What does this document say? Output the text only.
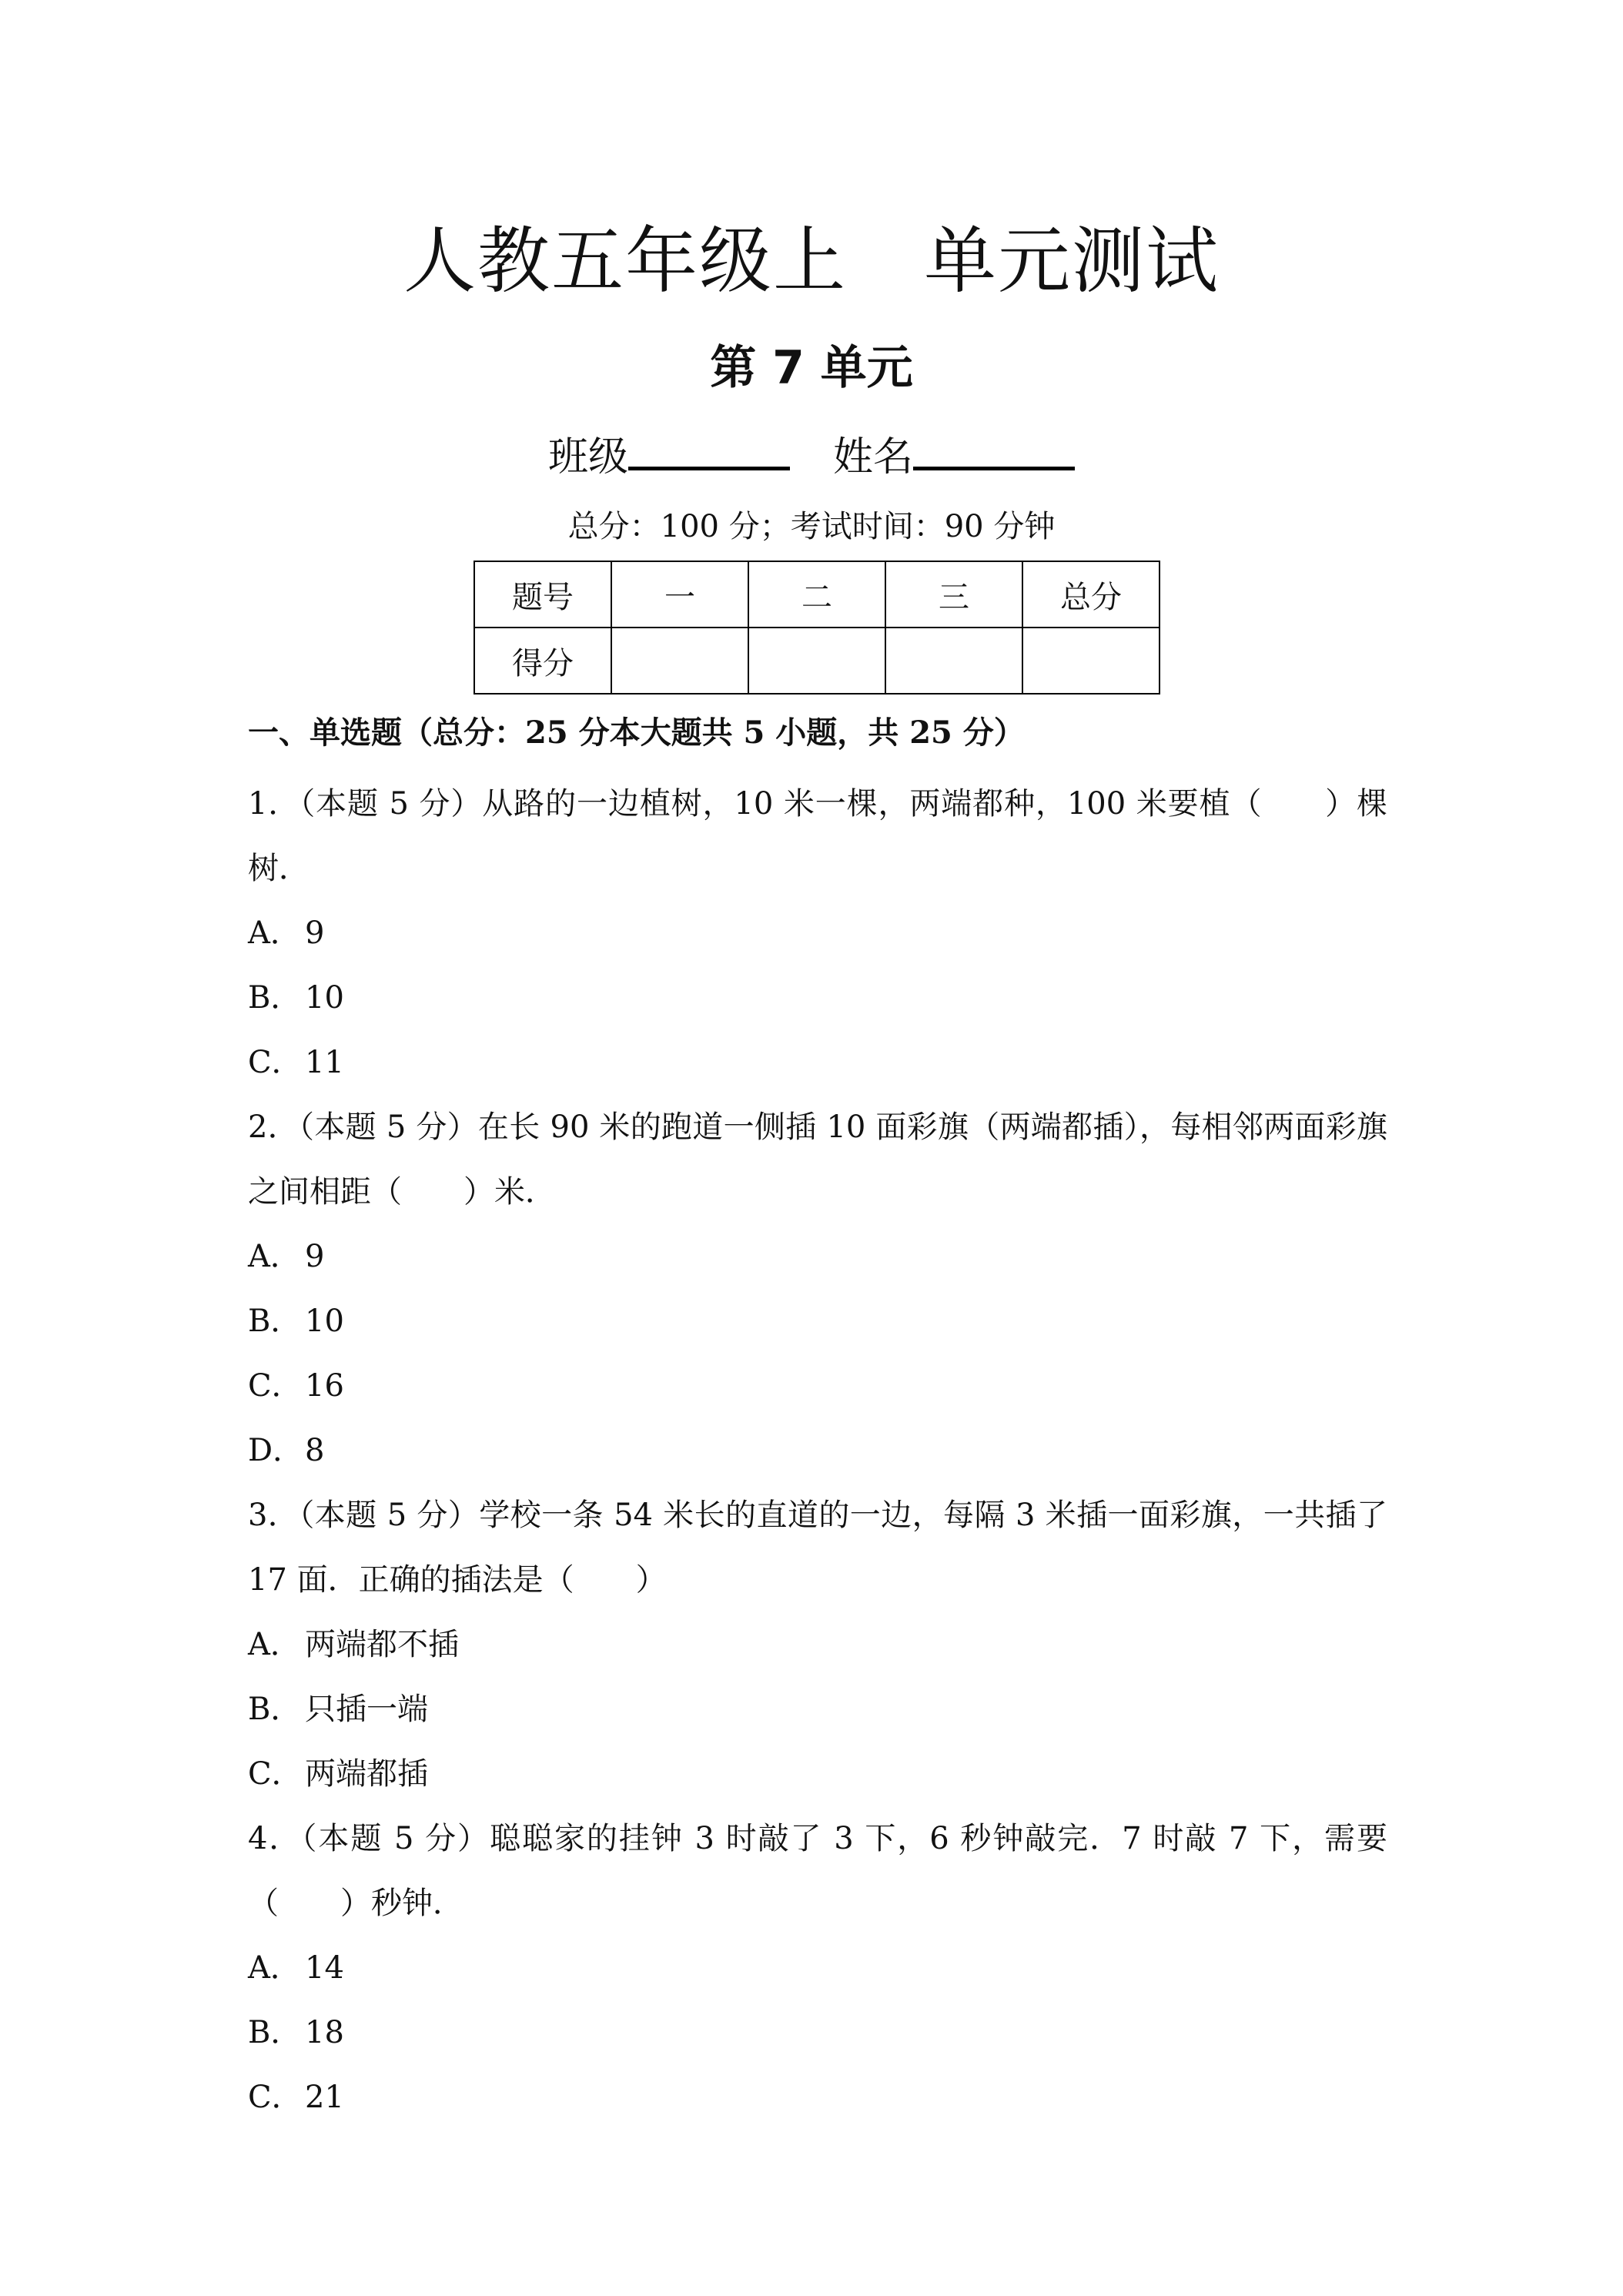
人教五年级上 单元测试
第 7 单元
班级	姓名
总分：100 分；考试时间：90 分钟
题号	一	二	三	总分
得分				

一、单选题（总分：25 分本大题共 5 小题，共 25 分）

1．（本题 5 分）从路的一边植树，10 米一棵，两端都种，100 米要植（　　）棵树．

A． 9

B． 10

C．11

2．（本题 5 分）在长 90 米的跑道一侧插 10 面彩旗（两端都插），每相邻两面彩旗之间相距（　　）米．

A． 9

B． 10

C．16

D．8

3．（本题 5 分）学校一条 54 米长的直道的一边，每隔 3 米插一面彩旗，一共插了 17 面．正确的插法是（　　）

A． 两端都不插

B． 只插一端

C．两端都插

4．（本题 5 分）聪聪家的挂钟 3 时敲了 3 下，6 秒钟敲完．7 时敲 7 下，需要（　　）秒钟．

A． 14

B． 18

C．21
